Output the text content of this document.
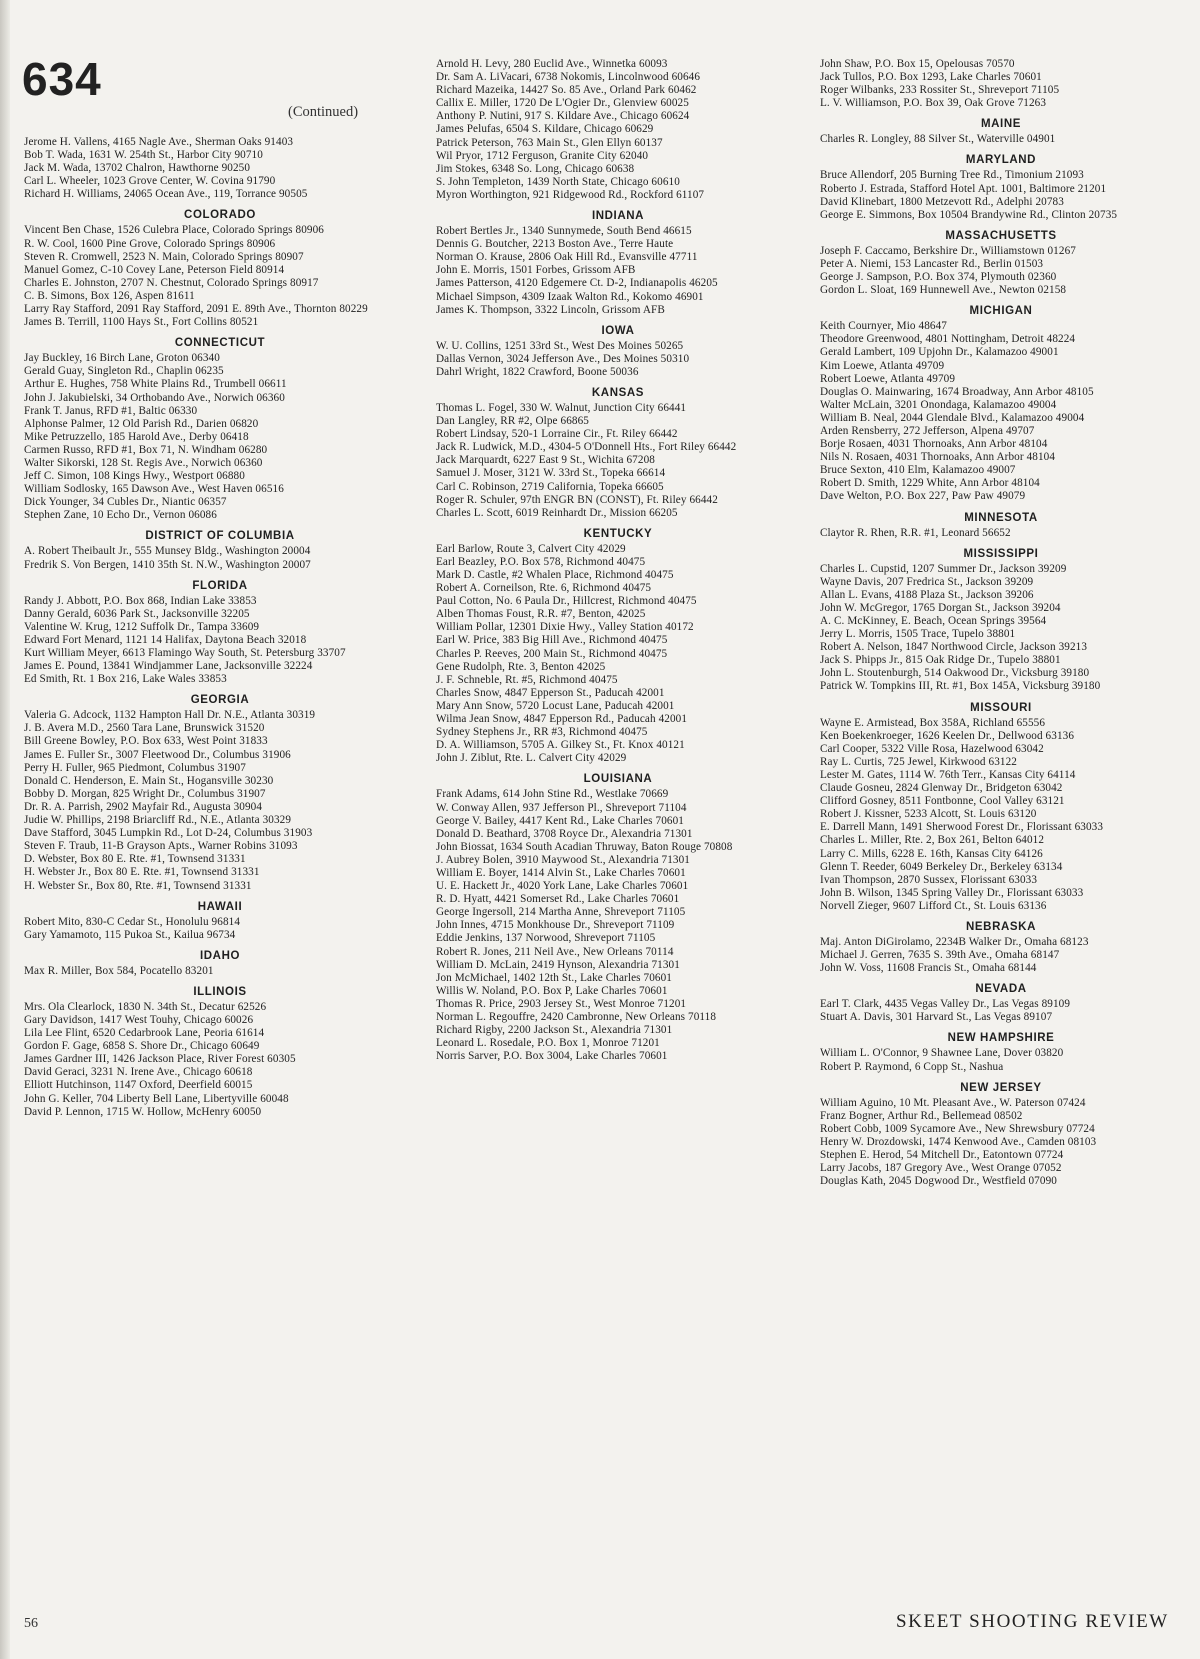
634
(Continued)

Jerome H. Vallens, 4165 Nagle Ave., Sherman Oaks 91403

Bob T. Wada, 1631 W. 254th St., Harbor City 90710

Jack M. Wada, 13702 Chalron, Hawthorne 90250

Carl L. Wheeler, 1023 Grove Center, W. Covina 91790

Richard H. Williams, 24065 Ocean Ave., 119, Torrance 90505

COLORADO

Vincent Ben Chase, 1526 Culebra Place, Colorado Springs 80906

R. W. Cool, 1600 Pine Grove, Colorado Springs 80906

Steven R. Cromwell, 2523 N. Main, Colorado Springs 80907

Manuel Gomez, C-10 Covey Lane, Peterson Field 80914

Charles E. Johnston, 2707 N. Chestnut, Colorado Springs 80917

C. B. Simons, Box 126, Aspen 81611

Larry Ray Stafford, 2091 Ray Stafford, 2091 E. 89th Ave., Thornton 80229

James B. Terrill, 1100 Hays St., Fort Collins 80521

CONNECTICUT

Jay Buckley, 16 Birch Lane, Groton 06340

Gerald Guay, Singleton Rd., Chaplin 06235

Arthur E. Hughes, 758 White Plains Rd., Trumbell 06611

John J. Jakubielski, 34 Orthobando Ave., Norwich 06360

Frank T. Janus, RFD #1, Baltic 06330

Alphonse Palmer, 12 Old Parish Rd., Darien 06820

Mike Petruzzello, 185 Harold Ave., Derby 06418

Carmen Russo, RFD #1, Box 71, N. Windham 06280

Walter Sikorski, 128 St. Regis Ave., Norwich 06360

Jeff C. Simon, 108 Kings Hwy., Westport 06880

William Sodlosky, 165 Dawson Ave., West Haven 06516

Dick Younger, 34 Cubles Dr., Niantic 06357

Stephen Zane, 10 Echo Dr., Vernon 06086

DISTRICT OF COLUMBIA

A. Robert Theibault Jr., 555 Munsey Bldg., Washington 20004

Fredrik S. Von Bergen, 1410 35th St. N.W., Washington 20007

FLORIDA

Randy J. Abbott, P.O. Box 868, Indian Lake 33853

Danny Gerald, 6036 Park St., Jacksonville 32205

Valentine W. Krug, 1212 Suffolk Dr., Tampa 33609

Edward Fort Menard, 1121 14 Halifax, Daytona Beach 32018

Kurt William Meyer, 6613 Flamingo Way South, St. Petersburg 33707

James E. Pound, 13841 Windjammer Lane, Jacksonville 32224

Ed Smith, Rt. 1 Box 216, Lake Wales 33853

GEORGIA

Valeria G. Adcock, 1132 Hampton Hall Dr. N.E., Atlanta 30319

J. B. Avera M.D., 2560 Tara Lane, Brunswick 31520

Bill Greene Bowley, P.O. Box 633, West Point 31833

James E. Fuller Sr., 3007 Fleetwood Dr., Columbus 31906

Perry H. Fuller, 965 Piedmont, Columbus 31907

Donald C. Henderson, E. Main St., Hogansville 30230

Bobby D. Morgan, 825 Wright Dr., Columbus 31907

Dr. R. A. Parrish, 2902 Mayfair Rd., Augusta 30904

Judie W. Phillips, 2198 Briarcliff Rd., N.E., Atlanta 30329

Dave Stafford, 3045 Lumpkin Rd., Lot D-24, Columbus 31903

Steven F. Traub, 11-B Grayson Apts., Warner Robins 31093

D. Webster, Box 80 E. Rte. #1, Townsend 31331

H. Webster Jr., Box 80 E. Rte. #1, Townsend 31331

H. Webster Sr., Box 80, Rte. #1, Townsend 31331

HAWAII

Robert Mito, 830-C Cedar St., Honolulu 96814

Gary Yamamoto, 115 Pukoa St., Kailua 96734

IDAHO

Max R. Miller, Box 584, Pocatello 83201

ILLINOIS

Mrs. Ola Clearlock, 1830 N. 34th St., Decatur 62526

Gary Davidson, 1417 West Touhy, Chicago 60026

Lila Lee Flint, 6520 Cedarbrook Lane, Peoria 61614

Gordon F. Gage, 6858 S. Shore Dr., Chicago 60649

James Gardner III, 1426 Jackson Place, River Forest 60305

David Geraci, 3231 N. Irene Ave., Chicago 60618

Elliott Hutchinson, 1147 Oxford, Deerfield 60015

John G. Keller, 704 Liberty Bell Lane, Libertyville 60048

David P. Lennon, 1715 W. Hollow, McHenry 60050

Arnold H. Levy, 280 Euclid Ave., Winnetka 60093

Dr. Sam A. LiVacari, 6738 Nokomis, Lincolnwood 60646

Richard Mazeika, 14427 So. 85 Ave., Orland Park 60462

Callix E. Miller, 1720 De L'Ogier Dr., Glenview 60025

Anthony P. Nutini, 917 S. Kildare Ave., Chicago 60624

James Pelufas, 6504 S. Kildare, Chicago 60629

Patrick Peterson, 763 Main St., Glen Ellyn 60137

Wil Pryor, 1712 Ferguson, Granite City 62040

Jim Stokes, 6348 So. Long, Chicago 60638

S. John Templeton, 1439 North State, Chicago 60610

Myron Worthington, 921 Ridgewood Rd., Rockford 61107

INDIANA

Robert Bertles Jr., 1340 Sunnymede, South Bend 46615

Dennis G. Boutcher, 2213 Boston Ave., Terre Haute

Norman O. Krause, 2806 Oak Hill Rd., Evansville 47711

John E. Morris, 1501 Forbes, Grissom AFB

James Patterson, 4120 Edgemere Ct. D-2, Indianapolis 46205

Michael Simpson, 4309 Izaak Walton Rd., Kokomo 46901

James K. Thompson, 3322 Lincoln, Grissom AFB

IOWA

W. U. Collins, 1251 33rd St., West Des Moines 50265

Dallas Vernon, 3024 Jefferson Ave., Des Moines 50310

Dahrl Wright, 1822 Crawford, Boone 50036

KANSAS

Thomas L. Fogel, 330 W. Walnut, Junction City 66441

Dan Langley, RR #2, Olpe 66865

Robert Lindsay, 520-1 Lorraine Cir., Ft. Riley 66442

Jack R. Ludwick, M.D., 4304-5 O'Donnell Hts., Fort Riley 66442

Jack Marquardt, 6227 East 9 St., Wichita 67208

Samuel J. Moser, 3121 W. 33rd St., Topeka 66614

Carl C. Robinson, 2719 California, Topeka 66605

Roger R. Schuler, 97th ENGR BN (CONST), Ft. Riley 66442

Charles L. Scott, 6019 Reinhardt Dr., Mission 66205

KENTUCKY

Earl Barlow, Route 3, Calvert City 42029

Earl Beazley, P.O. Box 578, Richmond 40475

Mark D. Castle, #2 Whalen Place, Richmond 40475

Robert A. Corneilson, Rte. 6, Richmond 40475

Paul Cotton, No. 6 Paula Dr., Hillcrest, Richmond 40475

Alben Thomas Foust, R.R. #7, Benton, 42025

William Pollar, 12301 Dixie Hwy., Valley Station 40172

Earl W. Price, 383 Big Hill Ave., Richmond 40475

Charles P. Reeves, 200 Main St., Richmond 40475

Gene Rudolph, Rte. 3, Benton 42025

J. F. Schneble, Rt. #5, Richmond 40475

Charles Snow, 4847 Epperson St., Paducah 42001

Mary Ann Snow, 5720 Locust Lane, Paducah 42001

Wilma Jean Snow, 4847 Epperson Rd., Paducah 42001

Sydney Stephens Jr., RR #3, Richmond 40475

D. A. Williamson, 5705 A. Gilkey St., Ft. Knox 40121

John J. Ziblut, Rte. L. Calvert City 42029

LOUISIANA

Frank Adams, 614 John Stine Rd., Westlake 70669

W. Conway Allen, 937 Jefferson Pl., Shreveport 71104

George V. Bailey, 4417 Kent Rd., Lake Charles 70601

Donald D. Beathard, 3708 Royce Dr., Alexandria 71301

John Biossat, 1634 South Acadian Thruway, Baton Rouge 70808

J. Aubrey Bolen, 3910 Maywood St., Alexandria 71301

William E. Boyer, 1414 Alvin St., Lake Charles 70601

U. E. Hackett Jr., 4020 York Lane, Lake Charles 70601

R. D. Hyatt, 4421 Somerset Rd., Lake Charles 70601

George Ingersoll, 214 Martha Anne, Shreveport 71105

John Innes, 4715 Monkhouse Dr., Shreveport 71109

Eddie Jenkins, 137 Norwood, Shreveport 71105

Robert R. Jones, 211 Neil Ave., New Orleans 70114

William D. McLain, 2419 Hynson, Alexandria 71301

Jon McMichael, 1402 12th St., Lake Charles 70601

Willis W. Noland, P.O. Box P, Lake Charles 70601

Thomas R. Price, 2903 Jersey St., West Monroe 71201

Norman L. Regouffre, 2420 Cambronne, New Orleans 70118

Richard Rigby, 2200 Jackson St., Alexandria 71301

Leonard L. Rosedale, P.O. Box 1, Monroe 71201

Norris Sarver, P.O. Box 3004, Lake Charles 70601

John Shaw, P.O. Box 15, Opelousas 70570

Jack Tullos, P.O. Box 1293, Lake Charles 70601

Roger Wilbanks, 233 Rossiter St., Shreveport 71105

L. V. Williamson, P.O. Box 39, Oak Grove 71263

MAINE

Charles R. Longley, 88 Silver St., Waterville 04901

MARYLAND

Bruce Allendorf, 205 Burning Tree Rd., Timonium 21093

Roberto J. Estrada, Stafford Hotel Apt. 1001, Baltimore 21201

David Klinebart, 1800 Metzevott Rd., Adelphi 20783

George E. Simmons, Box 10504 Brandywine Rd., Clinton 20735

MASSACHUSETTS

Joseph F. Caccamo, Berkshire Dr., Williamstown 01267

Peter A. Niemi, 153 Lancaster Rd., Berlin 01503

George J. Sampson, P.O. Box 374, Plymouth 02360

Gordon L. Sloat, 169 Hunnewell Ave., Newton 02158

MICHIGAN

Keith Cournyer, Mio 48647

Theodore Greenwood, 4801 Nottingham, Detroit 48224

Gerald Lambert, 109 Upjohn Dr., Kalamazoo 49001

Kim Loewe, Atlanta 49709

Robert Loewe, Atlanta 49709

Douglas O. Mainwaring, 1674 Broadway, Ann Arbor 48105

Walter McLain, 3201 Onondaga, Kalamazoo 49004

William B. Neal, 2044 Glendale Blvd., Kalamazoo 49004

Arden Rensberry, 272 Jefferson, Alpena 49707

Borje Rosaen, 4031 Thornoaks, Ann Arbor 48104

Nils N. Rosaen, 4031 Thornoaks, Ann Arbor 48104

Bruce Sexton, 410 Elm, Kalamazoo 49007

Robert D. Smith, 1229 White, Ann Arbor 48104

Dave Welton, P.O. Box 227, Paw Paw 49079

MINNESOTA

Claytor R. Rhen, R.R. #1, Leonard 56652

MISSISSIPPI

Charles L. Cupstid, 1207 Summer Dr., Jackson 39209

Wayne Davis, 207 Fredrica St., Jackson 39209

Allan L. Evans, 4188 Plaza St., Jackson 39206

John W. McGregor, 1765 Dorgan St., Jackson 39204

A. C. McKinney, E. Beach, Ocean Springs 39564

Jerry L. Morris, 1505 Trace, Tupelo 38801

Robert A. Nelson, 1847 Northwood Circle, Jackson 39213

Jack S. Phipps Jr., 815 Oak Ridge Dr., Tupelo 38801

John L. Stoutenburgh, 514 Oakwood Dr., Vicksburg 39180

Patrick W. Tompkins III, Rt. #1, Box 145A, Vicksburg 39180

MISSOURI

Wayne E. Armistead, Box 358A, Richland 65556

Ken Boekenkroeger, 1626 Keelen Dr., Dellwood 63136

Carl Cooper, 5322 Ville Rosa, Hazelwood 63042

Ray L. Curtis, 725 Jewel, Kirkwood 63122

Lester M. Gates, 1114 W. 76th Terr., Kansas City 64114

Claude Gosneu, 2824 Glenway Dr., Bridgeton 63042

Clifford Gosney, 8511 Fontbonne, Cool Valley 63121

Robert J. Kissner, 5233 Alcott, St. Louis 63120

E. Darrell Mann, 1491 Sherwood Forest Dr., Florissant 63033

Charles L. Miller, Rte. 2, Box 261, Belton 64012

Larry C. Mills, 6228 E. 16th, Kansas City 64126

Glenn T. Reeder, 6049 Berkeley Dr., Berkeley 63134

Ivan Thompson, 2870 Sussex, Florissant 63033

John B. Wilson, 1345 Spring Valley Dr., Florissant 63033

Norvell Zieger, 9607 Lifford Ct., St. Louis 63136

NEBRASKA

Maj. Anton DiGirolamo, 2234B Walker Dr., Omaha 68123

Michael J. Gerren, 7635 S. 39th Ave., Omaha 68147

John W. Voss, 11608 Francis St., Omaha 68144

NEVADA

Earl T. Clark, 4435 Vegas Valley Dr., Las Vegas 89109

Stuart A. Davis, 301 Harvard St., Las Vegas 89107

NEW HAMPSHIRE

William L. O'Connor, 9 Shawnee Lane, Dover 03820

Robert P. Raymond, 6 Copp St., Nashua

NEW JERSEY

William Aguino, 10 Mt. Pleasant Ave., W. Paterson 07424

Franz Bogner, Arthur Rd., Bellemead 08502

Robert Cobb, 1009 Sycamore Ave., New Shrewsbury 07724

Henry W. Drozdowski, 1474 Kenwood Ave., Camden 08103

Stephen E. Herod, 54 Mitchell Dr., Eatontown 07724

Larry Jacobs, 187 Gregory Ave., West Orange 07052

Douglas Kath, 2045 Dogwood Dr., Westfield 07090

56	SKEET SHOOTING REVIEW
